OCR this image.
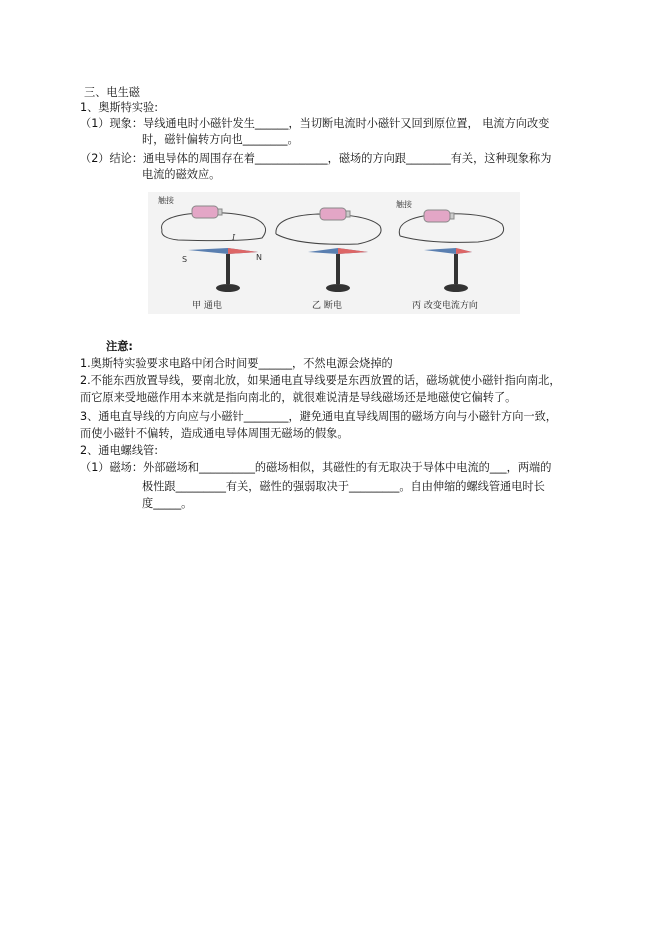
三、电生磁
1、奥斯特实验:
（1）现象：导线通电时小磁针发生______，当切断电流时小磁针又回到原位置， 电流方向改变
时，磁针偏转方向也________。
（2）结论：通电导体的周围存在着_____________，磁场的方向跟________有关，这种现象称为
电流的磁效应。
触接	触接
I
S	N
甲 通电	乙 断电	丙 改变电流方向
注意:
1.奥斯特实验要求电路中闭合时间要______，不然电源会烧掉的
2.不能东西放置导线，要南北放，如果通电直导线要是东西放置的话，磁场就使小磁针指向南北，
而它原来受地磁作用本来就是指向南北的，就很难说清是导线磁场还是地磁使它偏转了。
3、通电直导线的方向应与小磁针________，避免通电直导线周围的磁场方向与小磁针方向一致，
而使小磁针不偏转，造成通电导体周围无磁场的假象。
2、通电螺线管:
（1）磁场：外部磁场和__________的磁场相似，其磁性的有无取决于导体中电流的___，两端的
极性跟_________有关，磁性的强弱取决于_________。自由伸缩的螺线管通电时长
度_____。
